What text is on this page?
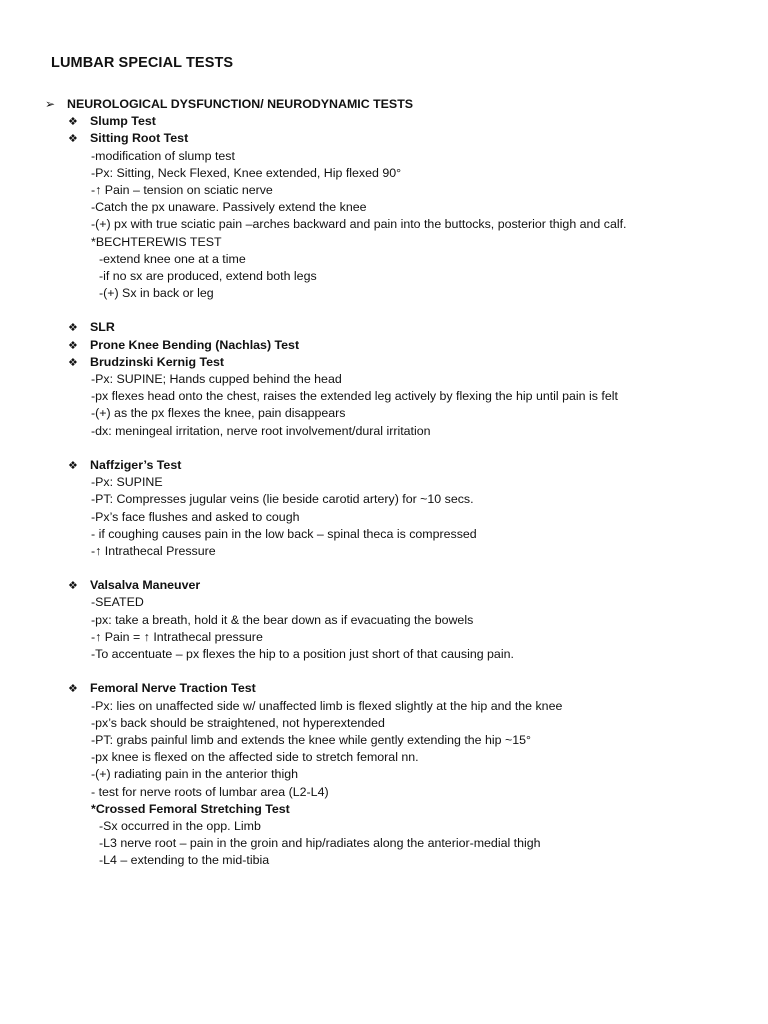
LUMBAR SPECIAL TESTS
➢ NEUROLOGICAL DYSFUNCTION/ NEURODYNAMIC TESTS
❖ Slump Test
❖ Sitting Root Test
-modification of slump test
-Px: Sitting, Neck Flexed, Knee extended, Hip flexed 90°
-↑ Pain – tension on sciatic nerve
-Catch the px unaware. Passively extend the knee
-(+) px with true sciatic pain –arches backward and pain into the buttocks, posterior thigh and calf.
*BECHTEREWIS TEST
-extend knee one at a time
-if no sx are produced, extend both legs
-(+) Sx in back or leg
❖ SLR
❖ Prone Knee Bending (Nachlas) Test
❖ Brudzinski Kernig Test
-Px: SUPINE; Hands cupped behind the head
-px flexes head onto the chest, raises the extended leg actively by flexing the hip until pain is felt
-(+) as the px flexes the knee, pain disappears
-dx: meningeal irritation, nerve root involvement/dural irritation
❖ Naffziger’s Test
-Px: SUPINE
-PT: Compresses jugular veins (lie beside carotid artery) for ~10 secs.
-Px’s face flushes and asked to cough
- if coughing causes pain in the low back – spinal theca is compressed
-↑ Intrathecal Pressure
❖ Valsalva Maneuver
-SEATED
-px: take a breath, hold it & the bear down as if evacuating the bowels
-↑ Pain = ↑ Intrathecal pressure
-To accentuate – px flexes the hip to a position just short of that causing pain.
❖ Femoral Nerve Traction Test
-Px: lies on unaffected side w/ unaffected limb is flexed slightly at the hip and the knee
-px’s back should be straightened, not hyperextended
-PT: grabs painful limb and extends the knee while gently extending the hip ~15°
-px knee is flexed on the affected side to stretch femoral nn.
-(+) radiating pain in the anterior thigh
- test for nerve roots of lumbar area (L2-L4)
*Crossed Femoral Stretching Test
-Sx occurred in the opp. Limb
-L3 nerve root – pain in the groin and hip/radiates along the anterior-medial thigh
-L4 – extending to the mid-tibia
